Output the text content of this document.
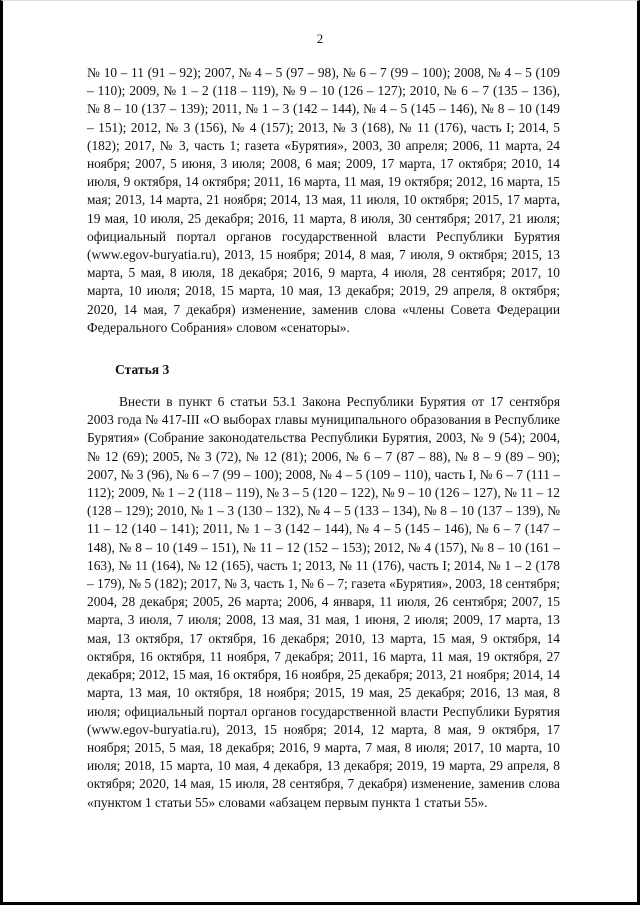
2

№ 10 – 11 (91 – 92); 2007, № 4 – 5 (97 – 98), № 6 – 7 (99 – 100); 2008, № 4 – 5 (109 – 110); 2009, № 1 – 2 (118 – 119), № 9 – 10 (126 – 127); 2010, № 6 – 7 (135 – 136), № 8 – 10 (137 – 139); 2011, № 1 – 3 (142 – 144), № 4 – 5 (145 – 146), № 8 – 10 (149 – 151); 2012, № 3 (156), № 4 (157); 2013, № 3 (168), № 11 (176), часть I; 2014, 5 (182); 2017, № 3, часть 1; газета «Бурятия», 2003, 30 апреля; 2006, 11 марта, 24 ноября; 2007, 5 июня, 3 июля; 2008, 6 мая; 2009, 17 марта, 17 октября; 2010, 14 июля, 9 октября, 14 октября; 2011, 16 марта, 11 мая, 19 октября; 2012, 16 марта, 15 мая; 2013, 14 марта, 21 ноября; 2014, 13 мая, 11 июля, 10 октября; 2015, 17 марта, 19 мая, 10 июля, 25 декабря; 2016, 11 марта, 8 июля, 30 сентября; 2017, 21 июля; официальный портал органов государственной власти Республики Бурятия (www.egov-buryatia.ru), 2013, 15 ноября; 2014, 8 мая, 7 июля, 9 октября; 2015, 13 марта, 5 мая, 8 июля, 18 декабря; 2016, 9 марта, 4 июля, 28 сентября; 2017, 10 марта, 10 июля; 2018, 15 марта, 10 мая, 13 декабря; 2019, 29 апреля, 8 октября; 2020, 14 мая, 7 декабря) изменение, заменив слова «члены Совета Федерации Федерального Собрания» словом «сенаторы».

Статья 3

Внести в пункт 6 статьи 53.1 Закона Республики Бурятия от 17 сентября 2003 года № 417-III «О выборах главы муниципального образования в Республике Бурятия» (Собрание законодательства Республики Бурятия, 2003, № 9 (54); 2004, № 12 (69); 2005, № 3 (72), № 12 (81); 2006, № 6 – 7 (87 – 88), № 8 – 9 (89 – 90); 2007, № 3 (96), № 6 – 7 (99 – 100); 2008, № 4 – 5 (109 – 110), часть I, № 6 – 7 (111 – 112); 2009, № 1 – 2 (118 – 119), № 3 – 5 (120 – 122), № 9 – 10 (126 – 127), № 11 – 12 (128 – 129); 2010, № 1 – 3 (130 – 132), № 4 – 5 (133 – 134), № 8 – 10 (137 – 139), № 11 – 12 (140 – 141); 2011, № 1 – 3 (142 – 144), № 4 – 5 (145 – 146), № 6 – 7 (147 – 148), № 8 – 10 (149 – 151), № 11 – 12 (152 – 153); 2012, № 4 (157), № 8 – 10 (161 – 163), № 11 (164), № 12 (165), часть 1; 2013, № 11 (176), часть I; 2014, № 1 – 2 (178 – 179), № 5 (182); 2017, № 3, часть 1, № 6 – 7; газета «Бурятия», 2003, 18 сентября; 2004, 28 декабря; 2005, 26 марта; 2006, 4 января, 11 июля, 26 сентября; 2007, 15 марта, 3 июля, 7 июля; 2008, 13 мая, 31 мая, 1 июня, 2 июля; 2009, 17 марта, 13 мая, 13 октября, 17 октября, 16 декабря; 2010, 13 марта, 15 мая, 9 октября, 14 октября, 16 октября, 11 ноября, 7 декабря; 2011, 16 марта, 11 мая, 19 октября, 27 декабря; 2012, 15 мая, 16 октября, 16 ноября, 25 декабря; 2013, 21 ноября; 2014, 14 марта, 13 мая, 10 октября, 18 ноября; 2015, 19 мая, 25 декабря; 2016, 13 мая, 8 июля; официальный портал органов государственной власти Республики Бурятия (www.egov-buryatia.ru), 2013, 15 ноября; 2014, 12 марта, 8 мая, 9 октября, 17 ноября; 2015, 5 мая, 18 декабря; 2016, 9 марта, 7 мая, 8 июля; 2017, 10 марта, 10 июля; 2018, 15 марта, 10 мая, 4 декабря, 13 декабря; 2019, 19 марта, 29 апреля, 8 октября; 2020, 14 мая, 15 июля, 28 сентября, 7 декабря) изменение, заменив слова «пунктом 1 статьи 55» словами «абзацем первым пункта 1 статьи 55».
